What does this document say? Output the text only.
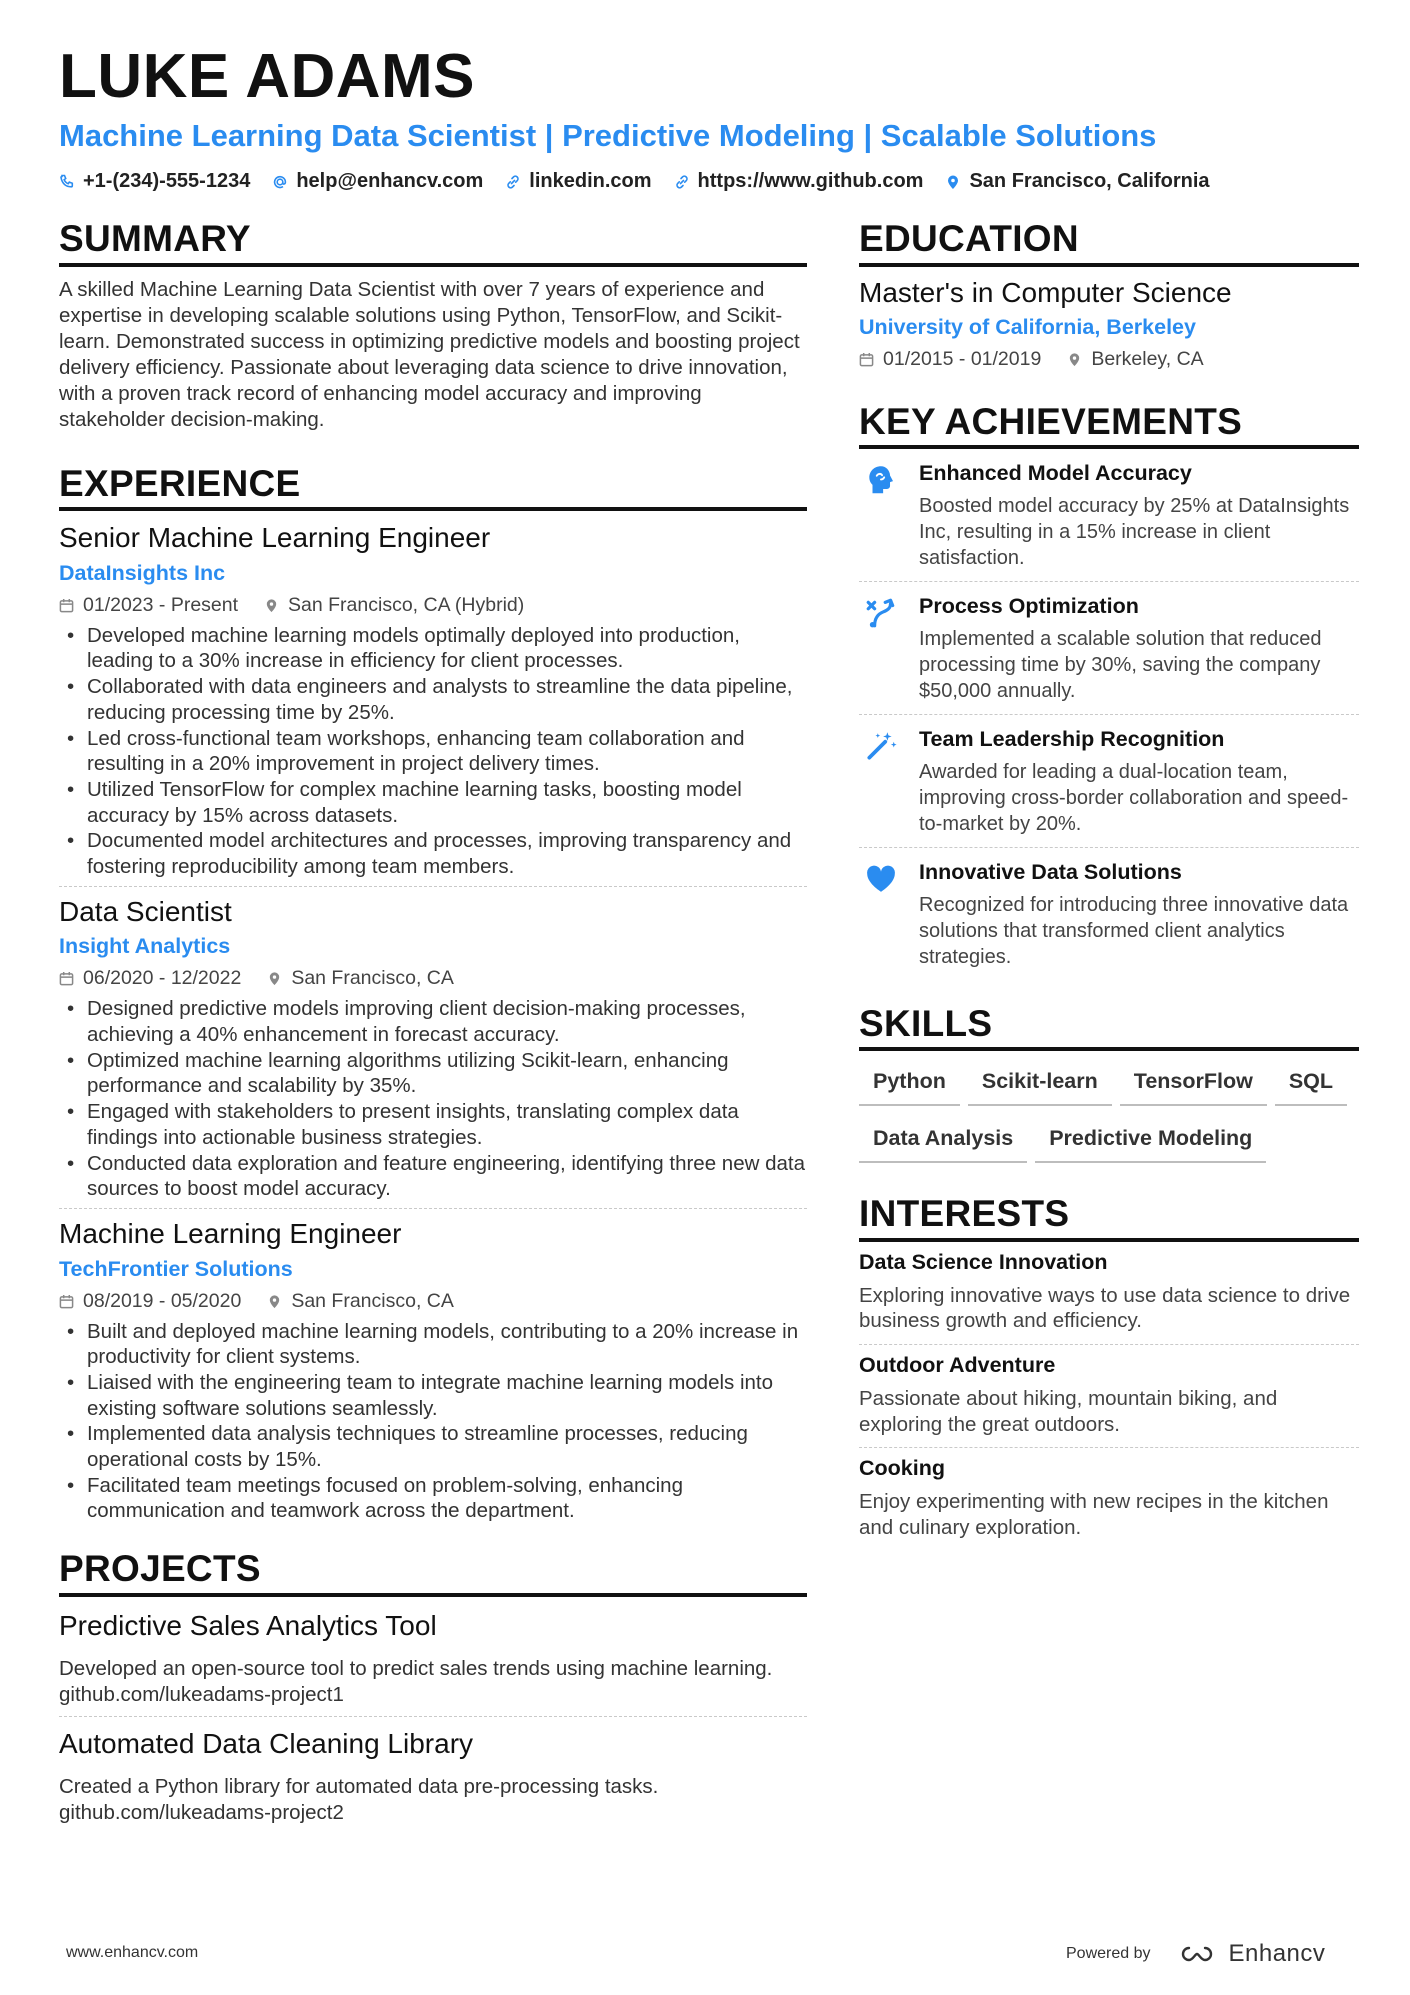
LUKE ADAMS
Machine Learning Data Scientist | Predictive Modeling | Scalable Solutions
+1-(234)-555-1234 help@enhancv.com linkedin.com https://www.github.com San Francisco, California
SUMMARY
A skilled Machine Learning Data Scientist with over 7 years of experience and expertise in developing scalable solutions using Python, TensorFlow, and Scikit-learn. Demonstrated success in optimizing predictive models and boosting project delivery efficiency. Passionate about leveraging data science to drive innovation, with a proven track record of enhancing model accuracy and improving stakeholder decision-making.
EXPERIENCE
Senior Machine Learning Engineer
DataInsights Inc
01/2023 - Present	San Francisco, CA (Hybrid)
• Developed machine learning models optimally deployed into production, leading to a 30% increase in efficiency for client processes.
• Collaborated with data engineers and analysts to streamline the data pipeline, reducing processing time by 25%.
• Led cross-functional team workshops, enhancing team collaboration and resulting in a 20% improvement in project delivery times.
• Utilized TensorFlow for complex machine learning tasks, boosting model accuracy by 15% across datasets.
• Documented model architectures and processes, improving transparency and fostering reproducibility among team members.
Data Scientist
Insight Analytics
06/2020 - 12/2022	San Francisco, CA
• Designed predictive models improving client decision-making processes, achieving a 40% enhancement in forecast accuracy.
• Optimized machine learning algorithms utilizing Scikit-learn, enhancing performance and scalability by 35%.
• Engaged with stakeholders to present insights, translating complex data findings into actionable business strategies.
• Conducted data exploration and feature engineering, identifying three new data sources to boost model accuracy.
Machine Learning Engineer
TechFrontier Solutions
08/2019 - 05/2020	San Francisco, CA
• Built and deployed machine learning models, contributing to a 20% increase in productivity for client systems.
• Liaised with the engineering team to integrate machine learning models into existing software solutions seamlessly.
• Implemented data analysis techniques to streamline processes, reducing operational costs by 15%.
• Facilitated team meetings focused on problem-solving, enhancing communication and teamwork across the department.
PROJECTS
Predictive Sales Analytics Tool
Developed an open-source tool to predict sales trends using machine learning. github.com/lukeadams-project1
Automated Data Cleaning Library
Created a Python library for automated data pre-processing tasks. github.com/lukeadams-project2
EDUCATION
Master's in Computer Science
University of California, Berkeley
01/2015 - 01/2019	Berkeley, CA
KEY ACHIEVEMENTS
Enhanced Model Accuracy
Boosted model accuracy by 25% at DataInsights Inc, resulting in a 15% increase in client satisfaction.
Process Optimization
Implemented a scalable solution that reduced processing time by 30%, saving the company $50,000 annually.
Team Leadership Recognition
Awarded for leading a dual-location team, improving cross-border collaboration and speed-to-market by 20%.
Innovative Data Solutions
Recognized for introducing three innovative data solutions that transformed client analytics strategies.
SKILLS
Python	Scikit-learn	TensorFlow	SQL
Data Analysis	Predictive Modeling
INTERESTS
Data Science Innovation
Exploring innovative ways to use data science to drive business growth and efficiency.
Outdoor Adventure
Passionate about hiking, mountain biking, and exploring the great outdoors.
Cooking
Enjoy experimenting with new recipes in the kitchen and culinary exploration.
www.enhancv.com	Powered by	Enhancv
